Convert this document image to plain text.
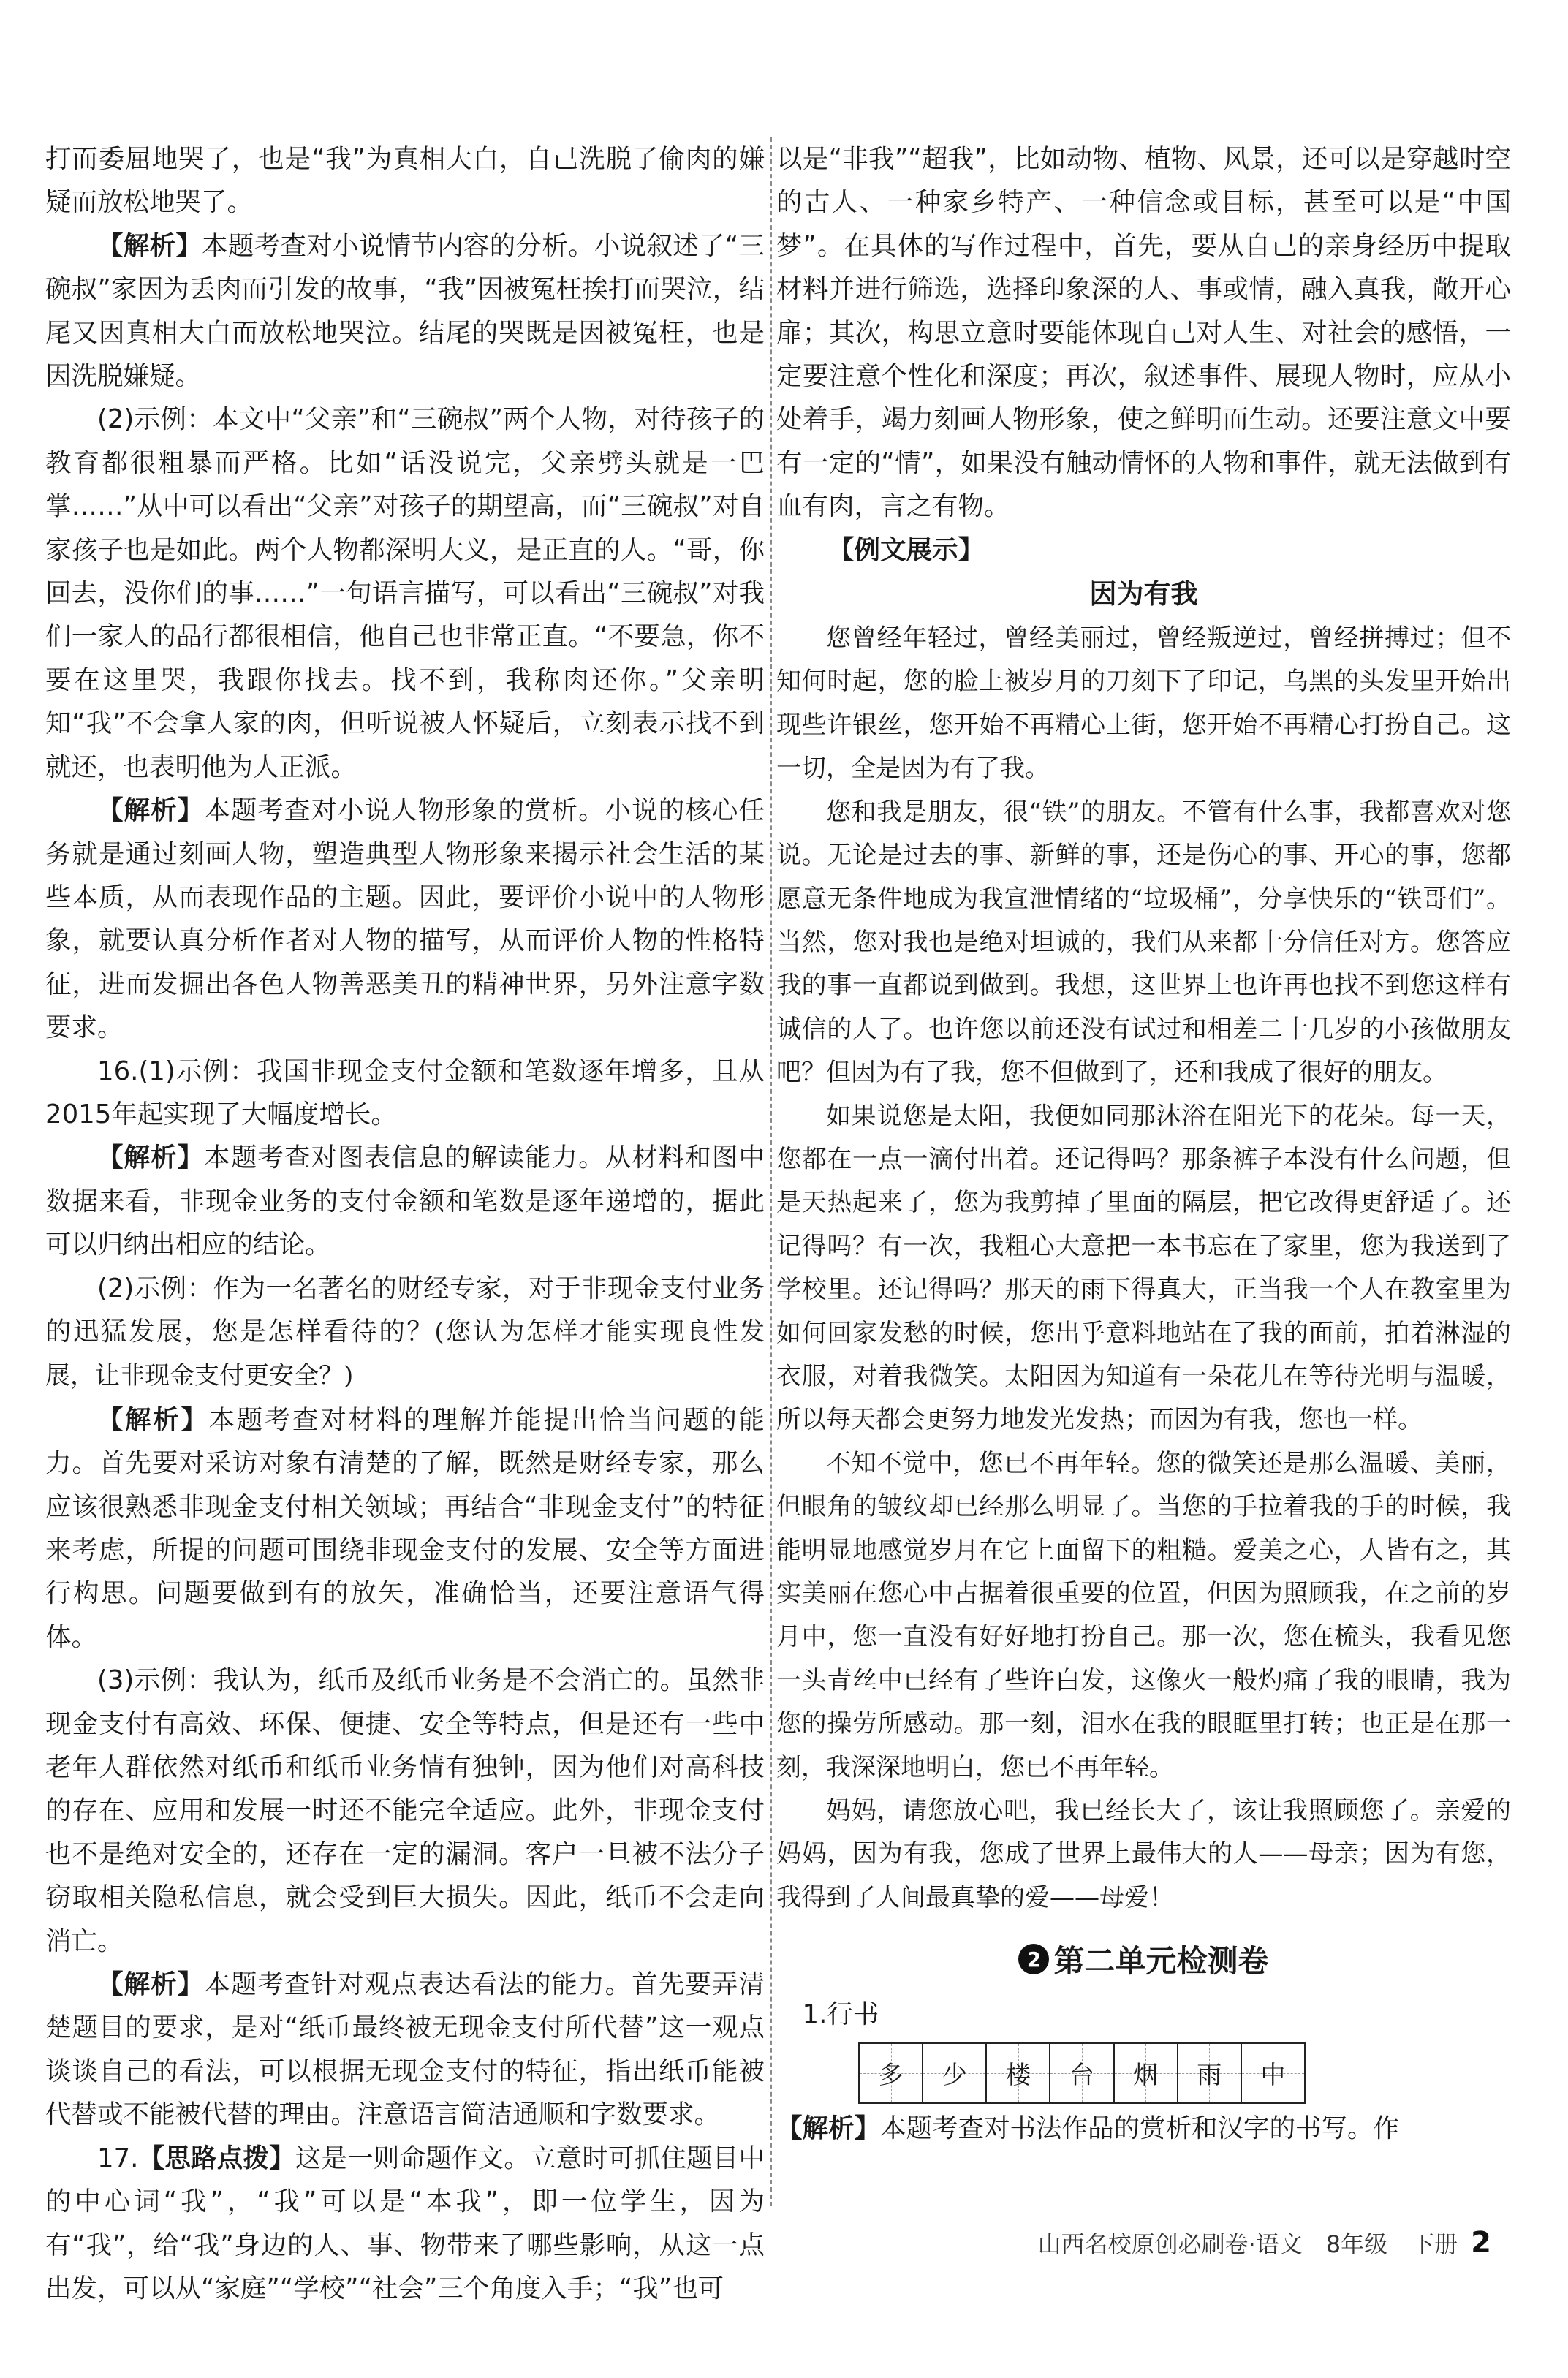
打而委屈地哭了，也是“我”为真相大白，自己洗脱了偷肉的嫌疑而放松地哭了。

【解析】本题考查对小说情节内容的分析。小说叙述了“三碗叔”家因为丢肉而引发的故事，“我”因被冤枉挨打而哭泣，结尾又因真相大白而放松地哭泣。结尾的哭既是因被冤枉，也是因洗脱嫌疑。

(2)示例：本文中“父亲”和“三碗叔”两个人物，对待孩子的教育都很粗暴而严格。比如“话没说完，父亲劈头就是一巴掌……”从中可以看出“父亲”对孩子的期望高，而“三碗叔”对自家孩子也是如此。两个人物都深明大义，是正直的人。“哥，你回去，没你们的事……”一句语言描写，可以看出“三碗叔”对我们一家人的品行都很相信，他自己也非常正直。“不要急，你不要在这里哭，我跟你找去。找不到，我称肉还你。”父亲明知“我”不会拿人家的肉，但听说被人怀疑后，立刻表示找不到就还，也表明他为人正派。

【解析】本题考查对小说人物形象的赏析。小说的核心任务就是通过刻画人物，塑造典型人物形象来揭示社会生活的某些本质，从而表现作品的主题。因此，要评价小说中的人物形象，就要认真分析作者对人物的描写，从而评价人物的性格特征，进而发掘出各色人物善恶美丑的精神世界，另外注意字数要求。

16.(1)示例：我国非现金支付金额和笔数逐年增多，且从2015年起实现了大幅度增长。

【解析】本题考查对图表信息的解读能力。从材料和图中数据来看，非现金业务的支付金额和笔数是逐年递增的，据此可以归纳出相应的结论。

(2)示例：作为一名著名的财经专家，对于非现金支付业务的迅猛发展，您是怎样看待的？(您认为怎样才能实现良性发展，让非现金支付更安全？)

【解析】本题考查对材料的理解并能提出恰当问题的能力。首先要对采访对象有清楚的了解，既然是财经专家，那么应该很熟悉非现金支付相关领域；再结合“非现金支付”的特征来考虑，所提的问题可围绕非现金支付的发展、安全等方面进行构思。问题要做到有的放矢，准确恰当，还要注意语气得体。

(3)示例：我认为，纸币及纸币业务是不会消亡的。虽然非现金支付有高效、环保、便捷、安全等特点，但是还有一些中老年人群依然对纸币和纸币业务情有独钟，因为他们对高科技的存在、应用和发展一时还不能完全适应。此外，非现金支付也不是绝对安全的，还存在一定的漏洞。客户一旦被不法分子窃取相关隐私信息，就会受到巨大损失。因此，纸币不会走向消亡。

【解析】本题考查针对观点表达看法的能力。首先要弄清楚题目的要求，是对“纸币最终被无现金支付所代替”这一观点谈谈自己的看法，可以根据无现金支付的特征，指出纸币能被代替或不能被代替的理由。注意语言简洁通顺和字数要求。

17.【思路点拨】这是一则命题作文。立意时可抓住题目中的中心词“我”，“我”可以是“本我”，即一位学生，因为有“我”，给“我”身边的人、事、物带来了哪些影响，从这一点出发，可以从“家庭”“学校”“社会”三个角度入手；“我”也可

以是“非我”“超我”，比如动物、植物、风景，还可以是穿越时空的古人、一种家乡特产、一种信念或目标，甚至可以是“中国梦”。在具体的写作过程中，首先，要从自己的亲身经历中提取材料并进行筛选，选择印象深的人、事或情，融入真我，敞开心扉；其次，构思立意时要能体现自己对人生、对社会的感悟，一定要注意个性化和深度；再次，叙述事件、展现人物时，应从小处着手，竭力刻画人物形象，使之鲜明而生动。还要注意文中要有一定的“情”，如果没有触动情怀的人物和事件，就无法做到有血有肉，言之有物。

【例文展示】

因为有我

您曾经年轻过，曾经美丽过，曾经叛逆过，曾经拼搏过；但不知何时起，您的脸上被岁月的刀刻下了印记，乌黑的头发里开始出现些许银丝，您开始不再精心上街，您开始不再精心打扮自己。这一切，全是因为有了我。

您和我是朋友，很“铁”的朋友。不管有什么事，我都喜欢对您说。无论是过去的事、新鲜的事，还是伤心的事、开心的事，您都愿意无条件地成为我宣泄情绪的“垃圾桶”，分享快乐的“铁哥们”。当然，您对我也是绝对坦诚的，我们从来都十分信任对方。您答应我的事一直都说到做到。我想，这世界上也许再也找不到您这样有诚信的人了。也许您以前还没有试过和相差二十几岁的小孩做朋友吧？但因为有了我，您不但做到了，还和我成了很好的朋友。

如果说您是太阳，我便如同那沐浴在阳光下的花朵。每一天，您都在一点一滴付出着。还记得吗？那条裤子本没有什么问题，但是天热起来了，您为我剪掉了里面的隔层，把它改得更舒适了。还记得吗？有一次，我粗心大意把一本书忘在了家里，您为我送到了学校里。还记得吗？那天的雨下得真大，正当我一个人在教室里为如何回家发愁的时候，您出乎意料地站在了我的面前，拍着淋湿的衣服，对着我微笑。太阳因为知道有一朵花儿在等待光明与温暖，所以每天都会更努力地发光发热；而因为有我，您也一样。

不知不觉中，您已不再年轻。您的微笑还是那么温暖、美丽，但眼角的皱纹却已经那么明显了。当您的手拉着我的手的时候，我能明显地感觉岁月在它上面留下的粗糙。爱美之心，人皆有之，其实美丽在您心中占据着很重要的位置，但因为照顾我，在之前的岁月中，您一直没有好好地打扮自己。那一次，您在梳头，我看见您一头青丝中已经有了些许白发，这像火一般灼痛了我的眼睛，我为您的操劳所感动。那一刻，泪水在我的眼眶里打转；也正是在那一刻，我深深地明白，您已不再年轻。

妈妈，请您放心吧，我已经长大了，该让我照顾您了。亲爱的妈妈，因为有我，您成了世界上最伟大的人——母亲；因为有您，我得到了人间最真挚的爱——母爱！

2 第二单元检测卷

1.行书

多 少 楼 台 烟 雨 中

【解析】本题考查对书法作品的赏析和汉字的书写。作

山西名校原创必刷卷·语文　8年级　下册 2
